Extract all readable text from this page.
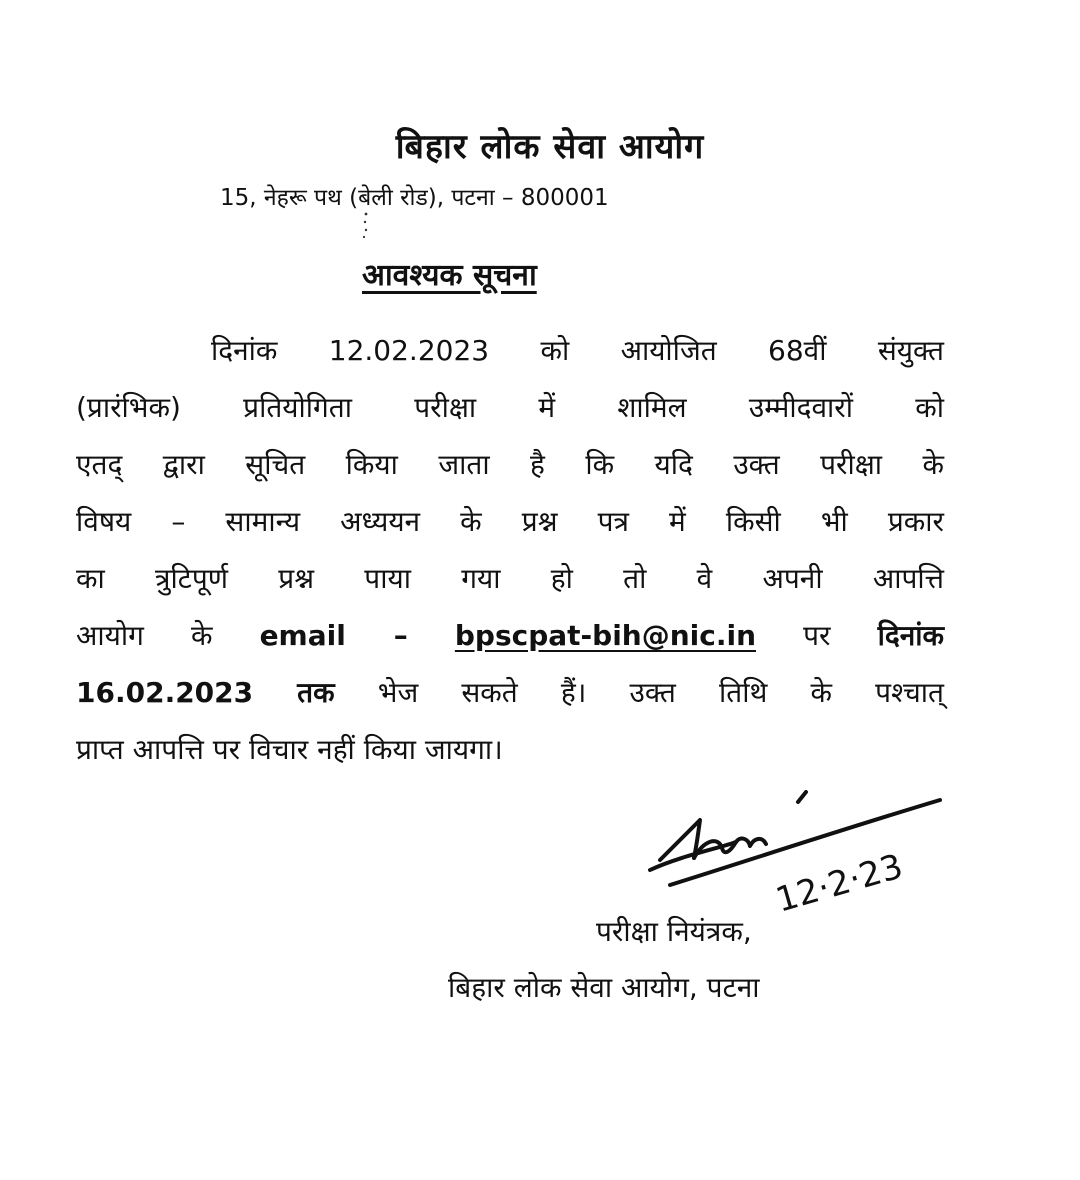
बिहार लोक सेवा आयोग
15, नेहरू पथ (बेली रोड), पटना – 800001
आवश्यक सूचना
दिनांक 12.02.2023 को आयोजित 68वीं संयुक्त
(प्रारंभिक) प्रतियोगिता परीक्षा में शामिल उम्मीदवारों को
एतद् द्वारा सूचित किया जाता है कि यदि उक्त परीक्षा के
विषय – सामान्य अध्ययन के प्रश्न पत्र में किसी भी प्रकार
का त्रुटिपूर्ण प्रश्न पाया गया हो तो वे अपनी आपत्ति
आयोग के email – bpscpat-bih@nic.in पर दिनांक
16.02.2023 तक भेज सकते हैं। उक्त तिथि के पश्चात्
प्राप्त आपत्ति पर विचार नहीं किया जायगा।
12·2·23
परीक्षा नियंत्रक,
बिहार लोक सेवा आयोग, पटना
